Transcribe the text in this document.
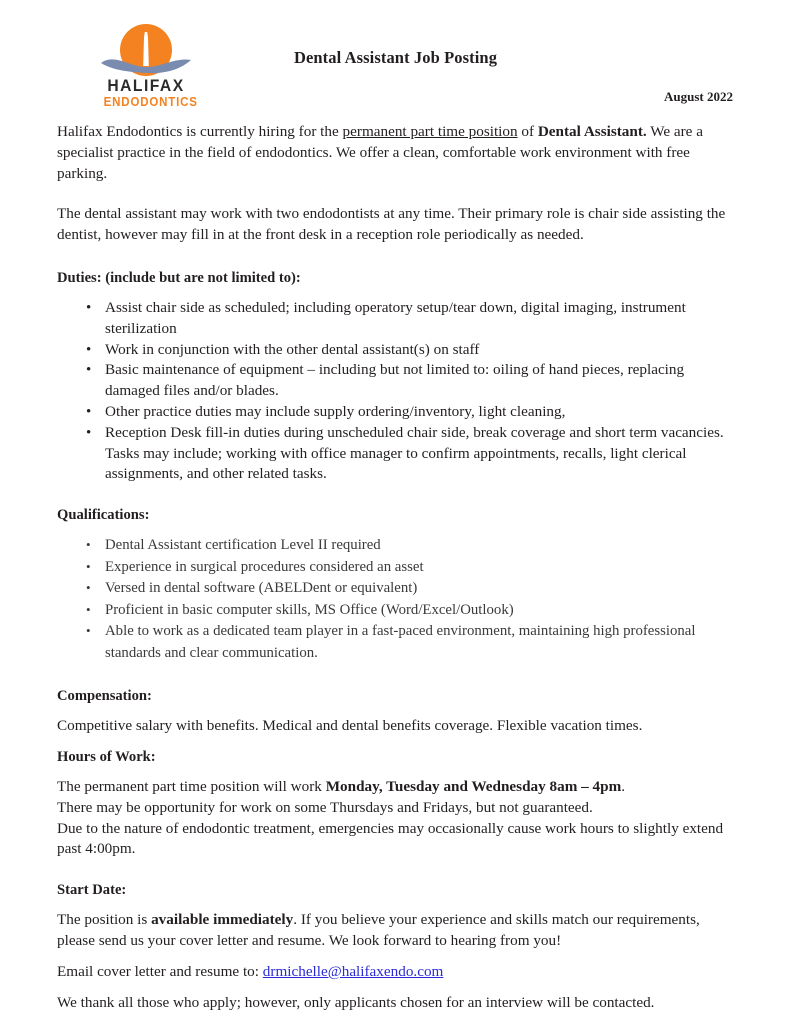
HALIFAX
ENDODONTICS
Dental Assistant Job Posting
August 2022

Halifax Endodontics is currently hiring for the permanent part time position of Dental Assistant. We are a specialist practice in the field of endodontics. We offer a clean, comfortable work environment with free parking.

The dental assistant may work with two endodontists at any time. Their primary role is chair side assisting the dentist, however may fill in at the front desk in a reception role periodically as needed.

Duties: (include but are not limited to):

• Assist chair side as scheduled; including operatory setup/tear down, digital imaging, instrument sterilization
• Work in conjunction with the other dental assistant(s) on staff
• Basic maintenance of equipment – including but not limited to: oiling of hand pieces, replacing damaged files and/or blades.
• Other practice duties may include supply ordering/inventory, light cleaning,
• Reception Desk fill-in duties during unscheduled chair side, break coverage and short term vacancies. Tasks may include; working with office manager to confirm appointments, recalls, light clerical assignments, and other related tasks.

Qualifications:

• Dental Assistant certification Level II required
• Experience in surgical procedures considered an asset
• Versed in dental software (ABELDent or equivalent)
• Proficient in basic computer skills, MS Office (Word/Excel/Outlook)
• Able to work as a dedicated team player in a fast-paced environment, maintaining high professional standards and clear communication.

Compensation:

Competitive salary with benefits. Medical and dental benefits coverage. Flexible vacation times.

Hours of Work:

The permanent part time position will work Monday, Tuesday and Wednesday 8am – 4pm.

There may be opportunity for work on some Thursdays and Fridays, but not guaranteed.

Due to the nature of endodontic treatment, emergencies may occasionally cause work hours to slightly extend past 4:00pm.

Start Date:

The position is available immediately. If you believe your experience and skills match our requirements, please send us your cover letter and resume. We look forward to hearing from you!

Email cover letter and resume to: drmichelle@halifaxendo.com

We thank all those who apply; however, only applicants chosen for an interview will be contacted.
